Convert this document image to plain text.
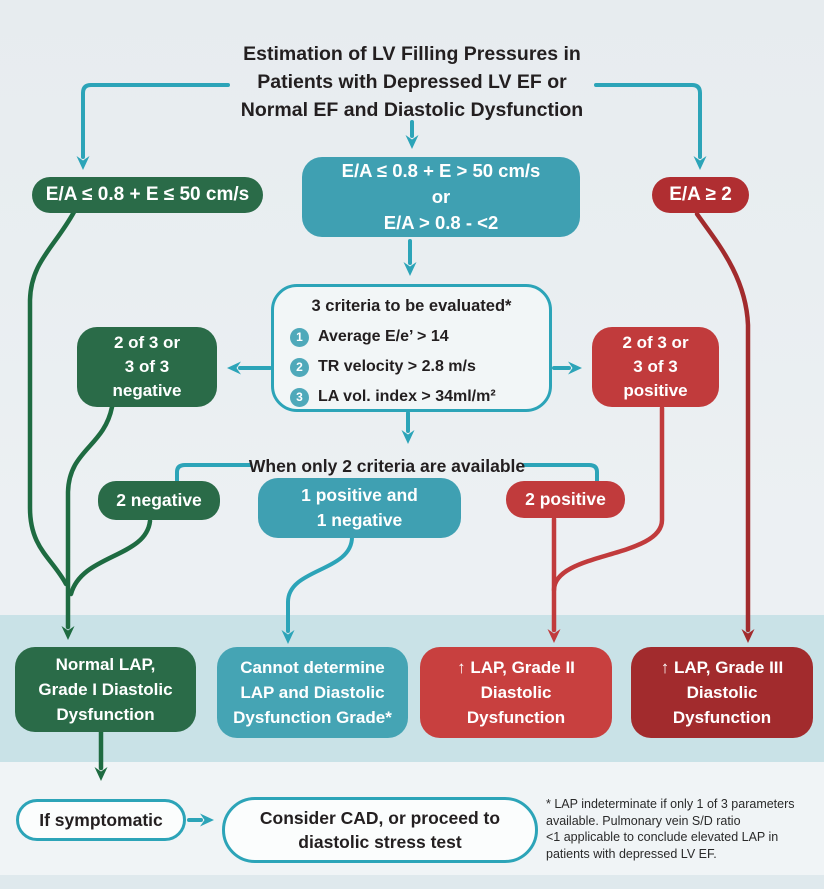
Estimation of LV Filling Pressures in
Patients with Depressed LV EF or
Normal EF and Diastolic Dysfunction
E/A ≤ 0.8 + E ≤ 50 cm/s
E/A ≤ 0.8 + E > 50 cm/s
or
E/A > 0.8 - <2
E/A ≥ 2
3 criteria to be evaluated*
1 Average E/e’ > 14
2 TR velocity > 2.8 m/s
3 LA vol. index > 34ml/m²
2 of 3 or
3 of 3
negative
2 of 3 or
3 of 3
positive
When only 2 criteria are available
2 negative	1 positive and
1 negative
2 positive
Normal LAP,
Grade I Diastolic
Dysfunction
Cannot determine
LAP and Diastolic
Dysfunction Grade*
↑ LAP, Grade II
Diastolic
Dysfunction
↑ LAP, Grade III
Diastolic
Dysfunction
If symptomatic	Consider CAD, or proceed to
diastolic stress test
* LAP indeterminate if only 1 of 3 parameters
available. Pulmonary vein S/D ratio
<1 applicable to conclude elevated LAP in
patients with depressed LV EF.
